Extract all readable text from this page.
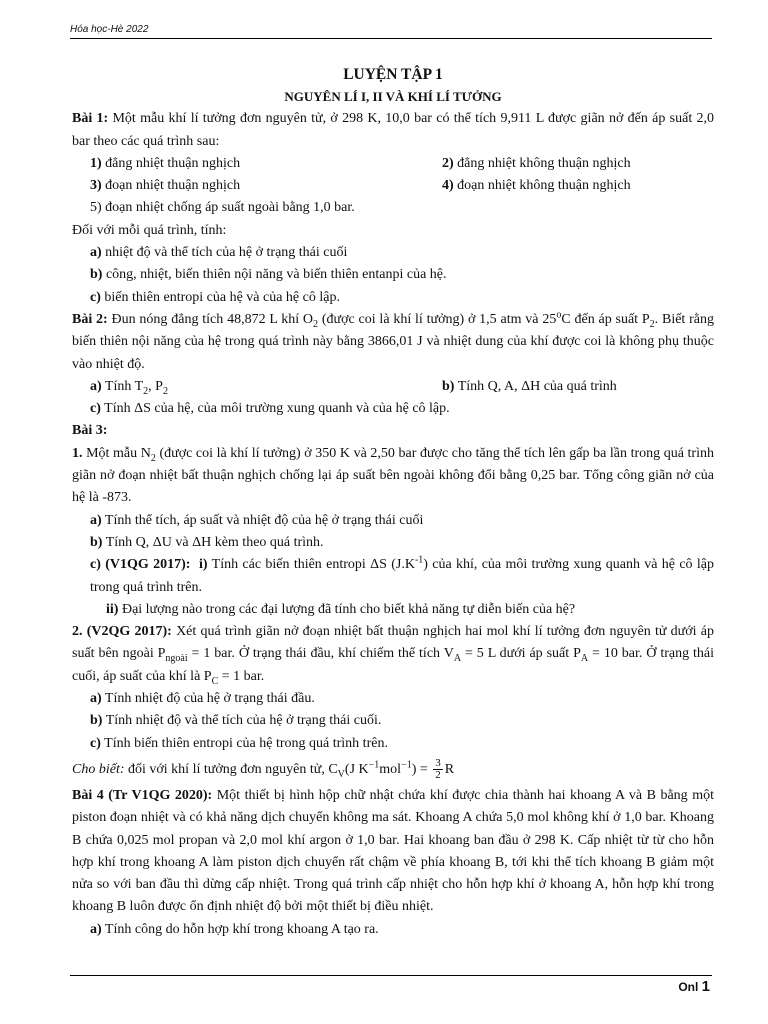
Hóa học-Hè 2022
LUYỆN TẬP 1
NGUYÊN LÍ I, II VÀ KHÍ LÍ TƯỞNG

Bài 1: Một mẫu khí lí tưởng đơn nguyên tử, ở 298 K, 10,0 bar có thể tích 9,911 L được giãn nở đến áp suất 2,0 bar theo các quá trình sau:

1) đẳng nhiệt thuận nghịch	2) đẳng nhiệt không thuận nghịch
3) đoạn nhiệt thuận nghịch	4) đoạn nhiệt không thuận nghịch

5) đoạn nhiệt chống áp suất ngoài bằng 1,0 bar.

Đối với mỗi quá trình, tính:

a) nhiệt độ và thể tích của hệ ở trạng thái cuối

b) công, nhiệt, biến thiên nội năng và biến thiên entanpi của hệ.

c) biến thiên entropi của hệ và của hệ cô lập.

Bài 2: Đun nóng đẳng tích 48,872 L khí $O_2$ (được coi là khí lí tưởng) ở 1,5 atm và 25$^o$C đến áp suất $P_2$. Biết rằng biến thiên nội năng của hệ trong quá trình này bằng 3866,01 J và nhiệt dung của khí được coi là không phụ thuộc vào nhiệt độ.

a) Tính $T_2$, $P_2$	b) Tính Q, A, ΔH của quá trình

c) Tính ΔS của hệ, của môi trường xung quanh và của hệ cô lập.

Bài 3:

1. Một mẫu $N_2$ (được coi là khí lí tưởng) ở 350 K và 2,50 bar được cho tăng thể tích lên gấp ba lần trong quá trình giãn nở đoạn nhiệt bất thuận nghịch chống lại áp suất bên ngoài không đổi bằng 0,25 bar. Tổng công giãn nở của hệ là -873.

a) Tính thể tích, áp suất và nhiệt độ của hệ ở trạng thái cuối

b) Tính Q, ΔU và ΔH kèm theo quá trình.

c) (V1QG 2017): i) Tính các biến thiên entropi ΔS $(J.K^{-1})$ của khí, của môi trường xung quanh và hệ cô lập trong quá trình trên.

ii) Đại lượng nào trong các đại lượng đã tính cho biết khả năng tự diễn biến của hệ?

2. (V2QG 2017): Xét quá trình giãn nở đoạn nhiệt bất thuận nghịch hai mol khí lí tưởng đơn nguyên tử dưới áp suất bên ngoài $P_{ngoài} = 1$ bar. Ở trạng thái đầu, khí chiếm thể tích $V_A = 5$ L dưới áp suất $P_A = 10$ bar. Ở trạng thái cuối, áp suất của khí là $P_C = 1$ bar.

a) Tính nhiệt độ của hệ ở trạng thái đầu.

b) Tính nhiệt độ và thể tích của hệ ở trạng thái cuối.

c) Tính biến thiên entropi của hệ trong quá trình trên.

Cho biết: đối với khí lí tưởng đơn nguyên tử, $C_V(J$ $K^{-1}mol^{-1}) = \frac{3}{2}$ R

Bài 4 (Tr V1QG 2020): Một thiết bị hình hộp chữ nhật chứa khí được chia thành hai khoang A và B bằng một piston đoạn nhiệt và có khả năng dịch chuyển không ma sát. Khoang A chứa 5,0 mol không khí ở 1,0 bar. Khoang B chứa 0,025 mol propan và 2,0 mol khí argon ở 1,0 bar. Hai khoang ban đầu ở 298 K. Cấp nhiệt từ từ cho hỗn hợp khí trong khoang A làm piston dịch chuyển rất chậm về phía khoang B, tới khi thể tích khoang B giảm một nửa so với ban đầu thì dừng cấp nhiệt. Trong quá trình cấp nhiệt cho hỗn hợp khí ở khoang A, hỗn hợp khí trong khoang B luôn được ổn định nhiệt độ bởi một thiết bị điều nhiệt.

a) Tính công do hỗn hợp khí trong khoang A tạo ra.

Onl 1
